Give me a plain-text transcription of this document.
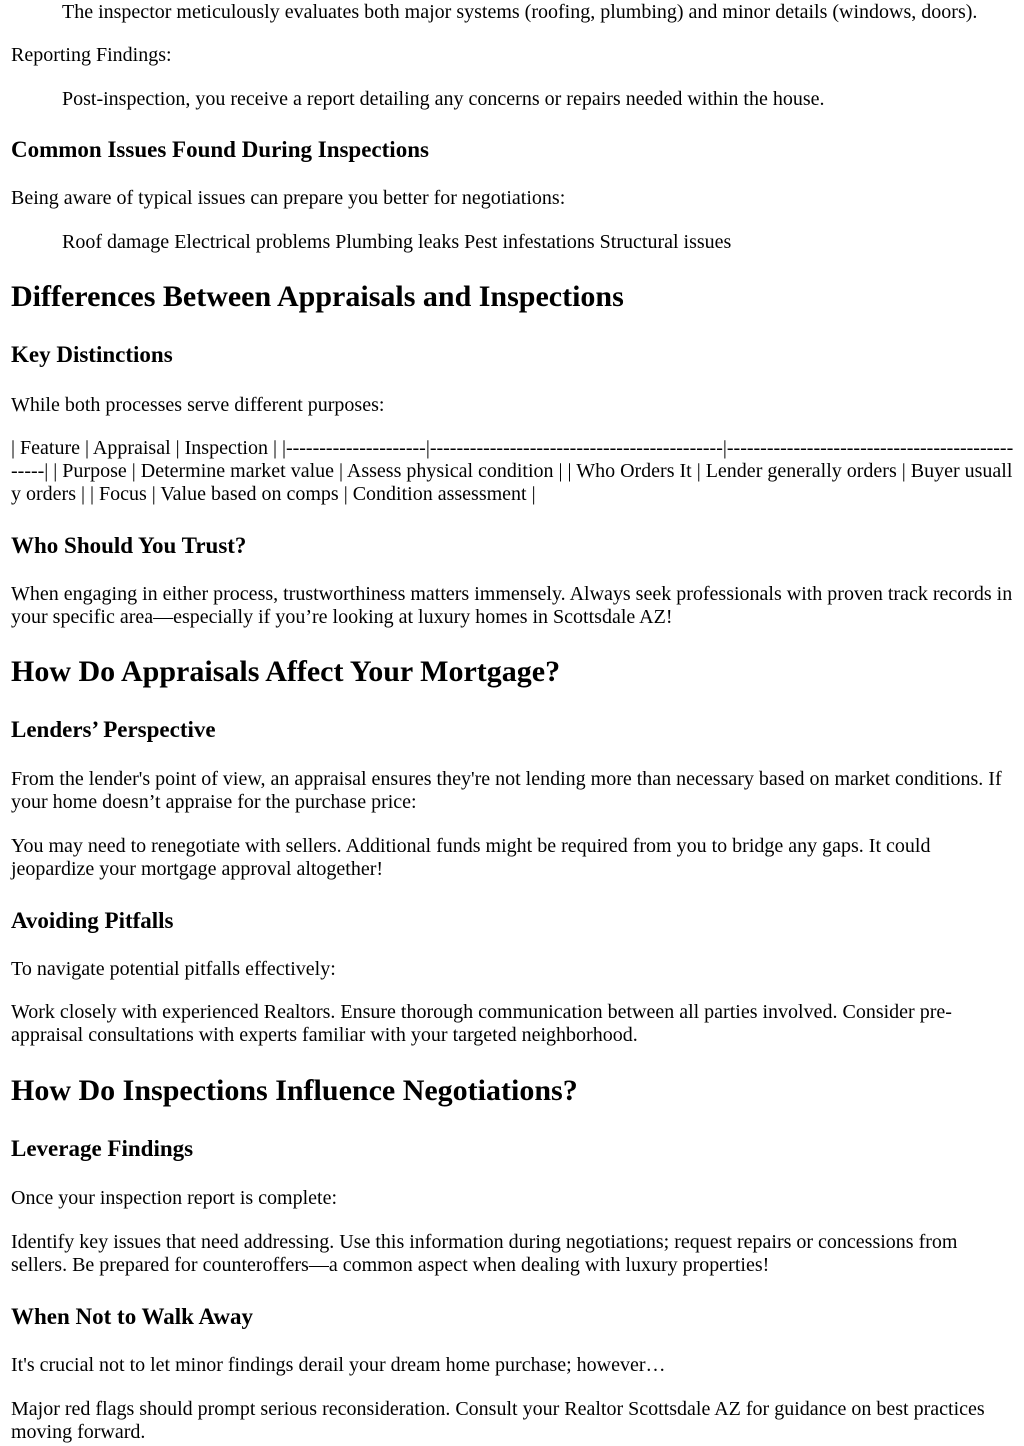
The inspector meticulously evaluates both major systems (roofing, plumbing) and minor details (windows, doors).

Reporting Findings:

Post-inspection, you receive a report detailing any concerns or repairs needed within the house.
Common Issues Found During Inspections

Being aware of typical issues can prepare you better for negotiations:

Roof damage Electrical problems Plumbing leaks Pest infestations Structural issues
Differences Between Appraisals and Inspections
Key Distinctions

While both processes serve different purposes:

| Feature | Appraisal | Inspection | |---------------------|--------------------------------------------|------------------------------------------------| | Purpose | Determine market value | Assess physical condition | | Who Orders It | Lender generally orders | Buyer usually orders | | Focus | Value based on comps | Condition assessment |

Who Should You Trust?

When engaging in either process, trustworthiness matters immensely. Always seek professionals with proven track records in your specific area—especially if you’re looking at luxury homes in Scottsdale AZ!

How Do Appraisals Affect Your Mortgage?
Lenders’ Perspective

From the lender's point of view, an appraisal ensures they're not lending more than necessary based on market conditions. If your home doesn’t appraise for the purchase price:

You may need to renegotiate with sellers. Additional funds might be required from you to bridge any gaps. It could jeopardize your mortgage approval altogether!

Avoiding Pitfalls

To navigate potential pitfalls effectively:

Work closely with experienced Realtors. Ensure thorough communication between all parties involved. Consider pre-appraisal consultations with experts familiar with your targeted neighborhood.

How Do Inspections Influence Negotiations?
Leverage Findings

Once your inspection report is complete:

Identify key issues that need addressing. Use this information during negotiations; request repairs or concessions from sellers. Be prepared for counteroffers—a common aspect when dealing with luxury properties!

When Not to Walk Away

It's crucial not to let minor findings derail your dream home purchase; however…

Major red flags should prompt serious reconsideration. Consult your Realtor Scottsdale AZ for guidance on best practices moving forward.
